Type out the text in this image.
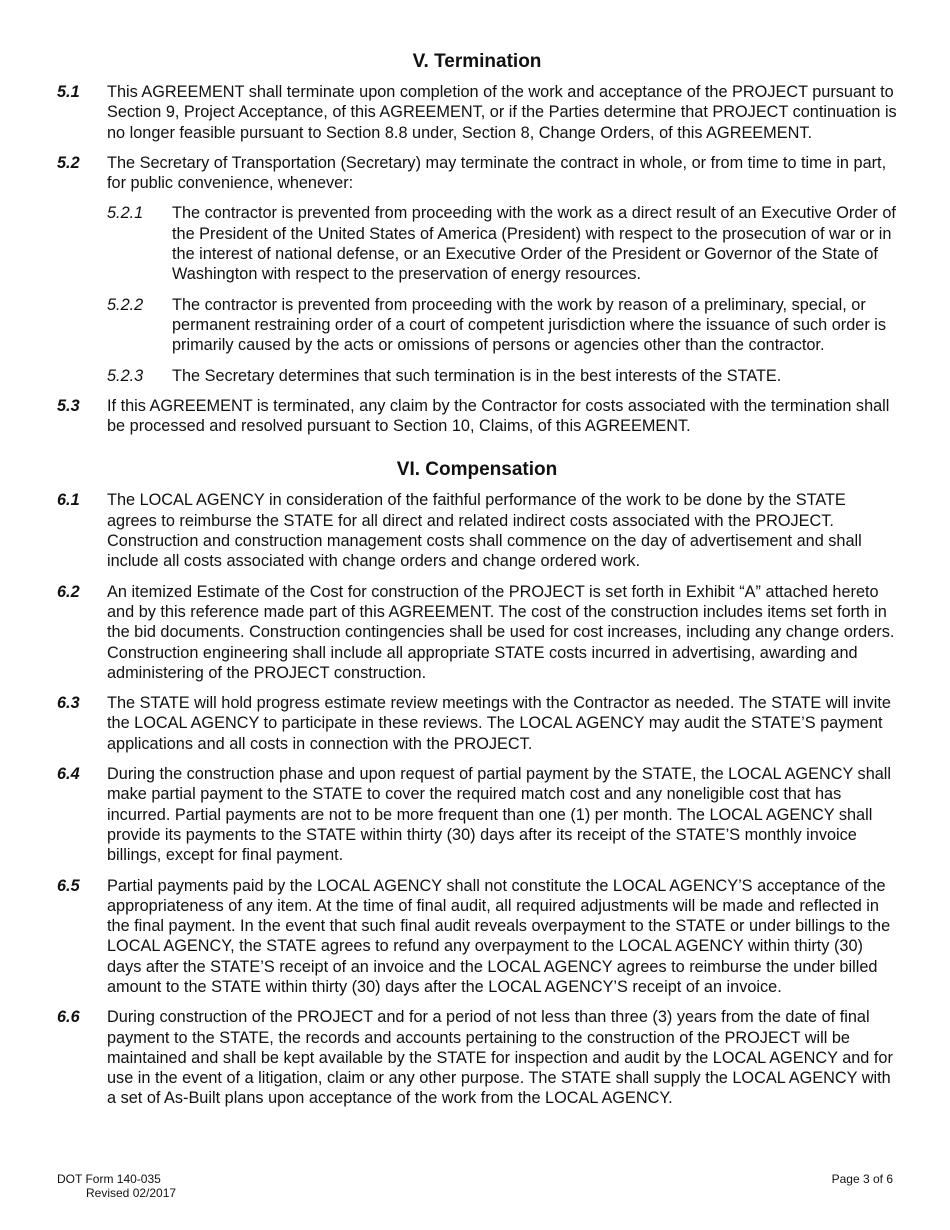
V. Termination
5.1	This AGREEMENT shall terminate upon completion of the work and acceptance of the PROJECT pursuant to Section 9, Project Acceptance, of this AGREEMENT, or if the Parties determine that PROJECT continuation is no longer feasible pursuant to Section 8.8 under, Section 8, Change Orders, of this AGREEMENT.
5.2	The Secretary of Transportation (Secretary) may terminate the contract in whole, or from time to time in part, for public convenience, whenever:
5.2.1	The contractor is prevented from proceeding with the work as a direct result of an Executive Order of the President of the United States of America (President) with respect to the prosecution of war or in the interest of national defense, or an Executive Order of the President or Governor of the State of Washington with respect to the preservation of energy resources.
5.2.2	The contractor is prevented from proceeding with the work by reason of a preliminary, special, or permanent restraining order of a court of competent jurisdiction where the issuance of such order is primarily caused by the acts or omissions of persons or agencies other than the contractor.
5.2.3	The Secretary determines that such termination is in the best interests of the STATE.
5.3	If this AGREEMENT is terminated, any claim by the Contractor for costs associated with the termination shall be processed and resolved pursuant to Section 10, Claims, of this AGREEMENT.
VI. Compensation
6.1	The LOCAL AGENCY in consideration of the faithful performance of the work to be done by the STATE agrees to reimburse the STATE for all direct and related indirect costs associated with the PROJECT. Construction and construction management costs shall commence on the day of advertisement and shall include all costs associated with change orders and change ordered work.
6.2	An itemized Estimate of the Cost for construction of the PROJECT is set forth in Exhibit “A” attached hereto and by this reference made part of this AGREEMENT. The cost of the construction includes items set forth in the bid documents. Construction contingencies shall be used for cost increases, including any change orders. Construction engineering shall include all appropriate STATE costs incurred in advertising, awarding and administering of the PROJECT construction.
6.3	The STATE will hold progress estimate review meetings with the Contractor as needed. The STATE will invite the LOCAL AGENCY to participate in these reviews. The LOCAL AGENCY may audit the STATE’S payment applications and all costs in connection with the PROJECT.
6.4	During the construction phase and upon request of partial payment by the STATE, the LOCAL AGENCY shall make partial payment to the STATE to cover the required match cost and any noneligible cost that has incurred. Partial payments are not to be more frequent than one (1) per month. The LOCAL AGENCY shall provide its payments to the STATE within thirty (30) days after its receipt of the STATE’S monthly invoice billings, except for final payment.
6.5	Partial payments paid by the LOCAL AGENCY shall not constitute the LOCAL AGENCY’S acceptance of the appropriateness of any item. At the time of final audit, all required adjustments will be made and reflected in the final payment. In the event that such final audit reveals overpayment to the STATE or under billings to the LOCAL AGENCY, the STATE agrees to refund any overpayment to the LOCAL AGENCY within thirty (30) days after the STATE’S receipt of an invoice and the LOCAL AGENCY agrees to reimburse the under billed amount to the STATE within thirty (30) days after the LOCAL AGENCY’S receipt of an invoice.
6.6	During construction of the PROJECT and for a period of not less than three (3) years from the date of final payment to the STATE, the records and accounts pertaining to the construction of the PROJECT will be maintained and shall be kept available by the STATE for inspection and audit by the LOCAL AGENCY and for use in the event of a litigation, claim or any other purpose. The STATE shall supply the LOCAL AGENCY with a set of As-Built plans upon acceptance of the work from the LOCAL AGENCY.
DOT Form 140-035
Revised 02/2017
Page 3 of 6
